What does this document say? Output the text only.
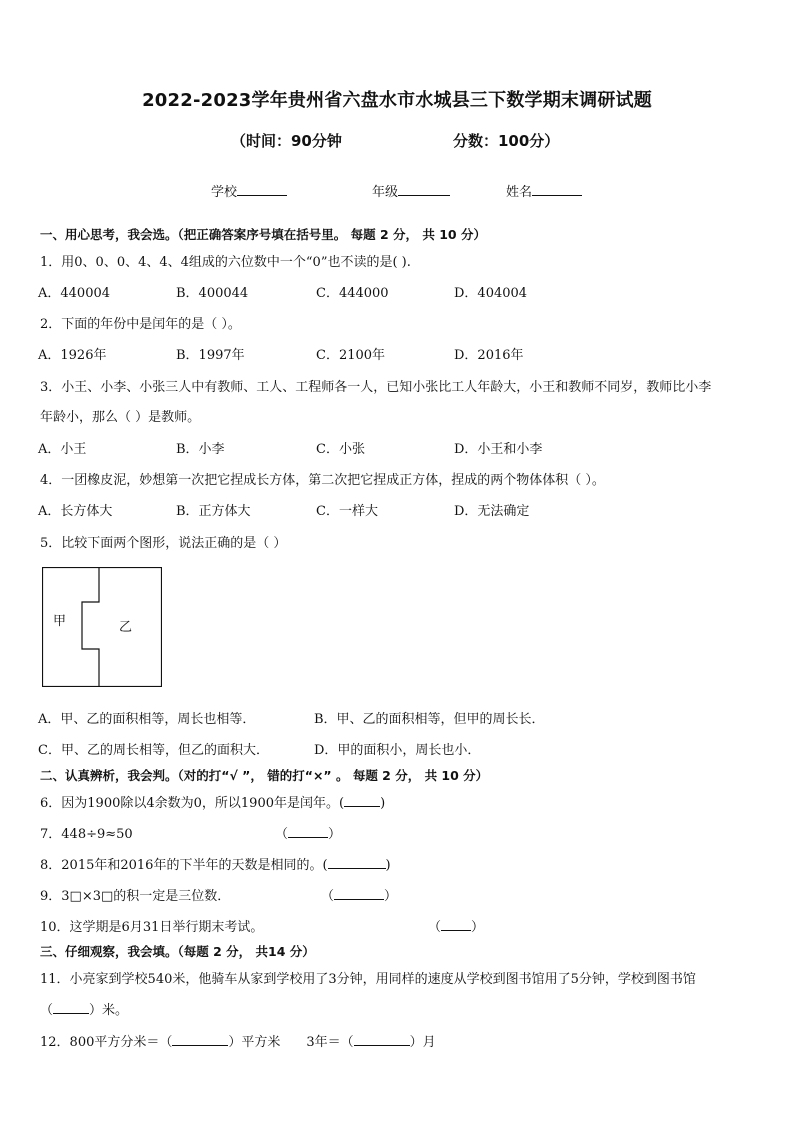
2022-2023学年贵州省六盘水市水城县三下数学期末调研试题
（时间：90分钟	分数：100分）
学校	年级	姓名
一、用心思考，我会选。（把正确答案序号填在括号里。 每题 2 分， 共 10 分）
1．用0、0、0、4、4、4组成的六位数中一个“0”也不读的是( ).
A．440004	B．400044	C．444000	D．404004
2．下面的年份中是闰年的是（ ）。
A．1926年	B．1997年	C．2100年	D．2016年
3．小王、小李、小张三人中有教师、工人、工程师各一人，已知小张比工人年龄大，小王和教师不同岁，教师比小李
年龄小，那么（ ）是教师。
A．小王	B．小李	C．小张	D．小王和小李
4．一团橡皮泥，妙想第一次把它捏成长方体，第二次把它捏成正方体，捏成的两个物体体积（ ）。
A．长方体大	B．正方体大	C．一样大	D．无法确定
5．比较下面两个图形，说法正确的是（ ）
甲	乙
A．甲、乙的面积相等，周长也相等．	B．甲、乙的面积相等，但甲的周长长．
C．甲、乙的周长相等，但乙的面积大．	D．甲的面积小，周长也小．
二、认真辨析，我会判。（对的打“√ ”， 错的打“×” 。 每题 2 分， 共 10 分）
6．因为1900除以4余数为0，所以1900年是闰年。(	)
7．448÷9≈50	（	）
8．2015年和2016年的下半年的天数是相同的。(	)
9．3□×3□的积一定是三位数．	（	）
10．这学期是6月31日举行期末考试。	（ ）
三、仔细观察，我会填。（每题 2 分， 共14 分）
11．小亮家到学校540米，他骑车从家到学校用了3分钟，用同样的速度从学校到图书馆用了5分钟，学校到图书馆
（	）米。
12．800平方分米＝（	）平方米 3年＝（	）月
